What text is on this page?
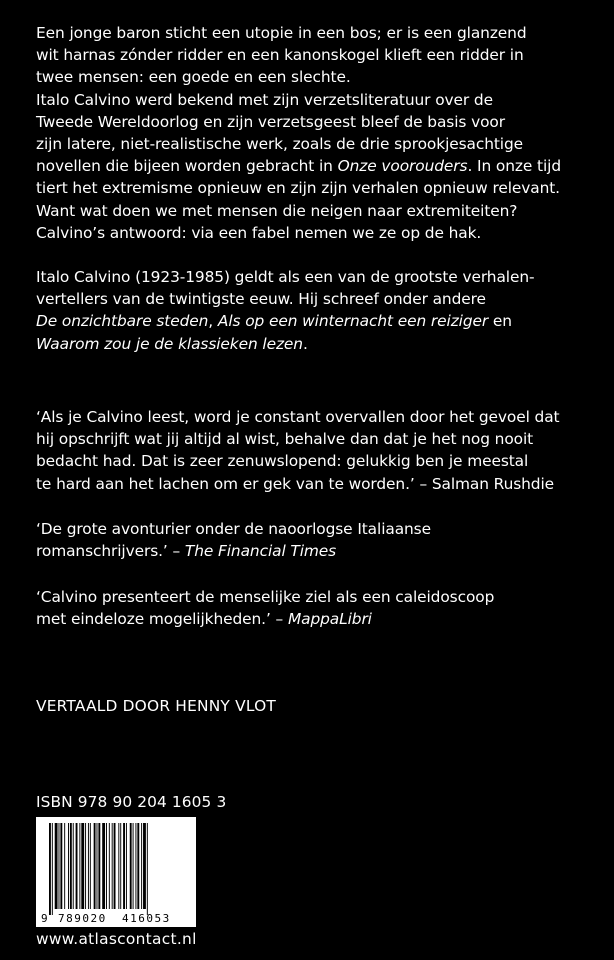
Een jonge baron sticht een utopie in een bos; er is een glanzend
wit harnas zónder ridder en een kanonskogel klieft een ridder in
twee mensen: een goede en een slechte.
Italo Calvino werd bekend met zijn verzetsliteratuur over de
Tweede Wereldoorlog en zijn verzetsgeest bleef de basis voor
zijn latere, niet-realistische werk, zoals de drie sprookjesachtige
novellen die bijeen worden gebracht in Onze voorouders. In onze tijd
tiert het extremisme opnieuw en zijn zijn verhalen opnieuw relevant.
Want wat doen we met mensen die neigen naar extremiteiten?
Calvino’s antwoord: via een fabel nemen we ze op de hak.
Italo Calvino (1923-1985) geldt als een van de grootste verhalen-
vertellers van de twintigste eeuw. Hij schreef onder andere
De onzichtbare steden, Als op een winternacht een reiziger en
Waarom zou je de klassieken lezen.
‘Als je Calvino leest, word je constant overvallen door het gevoel dat
hij opschrijft wat jij altijd al wist, behalve dan dat je het nog nooit
bedacht had. Dat is zeer zenuwslopend: gelukkig ben je meestal
te hard aan het lachen om er gek van te worden.’ – Salman Rushdie
‘De grote avonturier onder de naoorlogse Italiaanse
romanschrijvers.’ – The Financial Times
‘Calvino presenteert de menselijke ziel als een caleidoscoop
met eindeloze mogelijkheden.’ – MappaLibri
VERTAALD DOOR HENNY VLOT
ISBN 978 90 204 1605 3
9 789020 416053
www.atlascontact.nl
